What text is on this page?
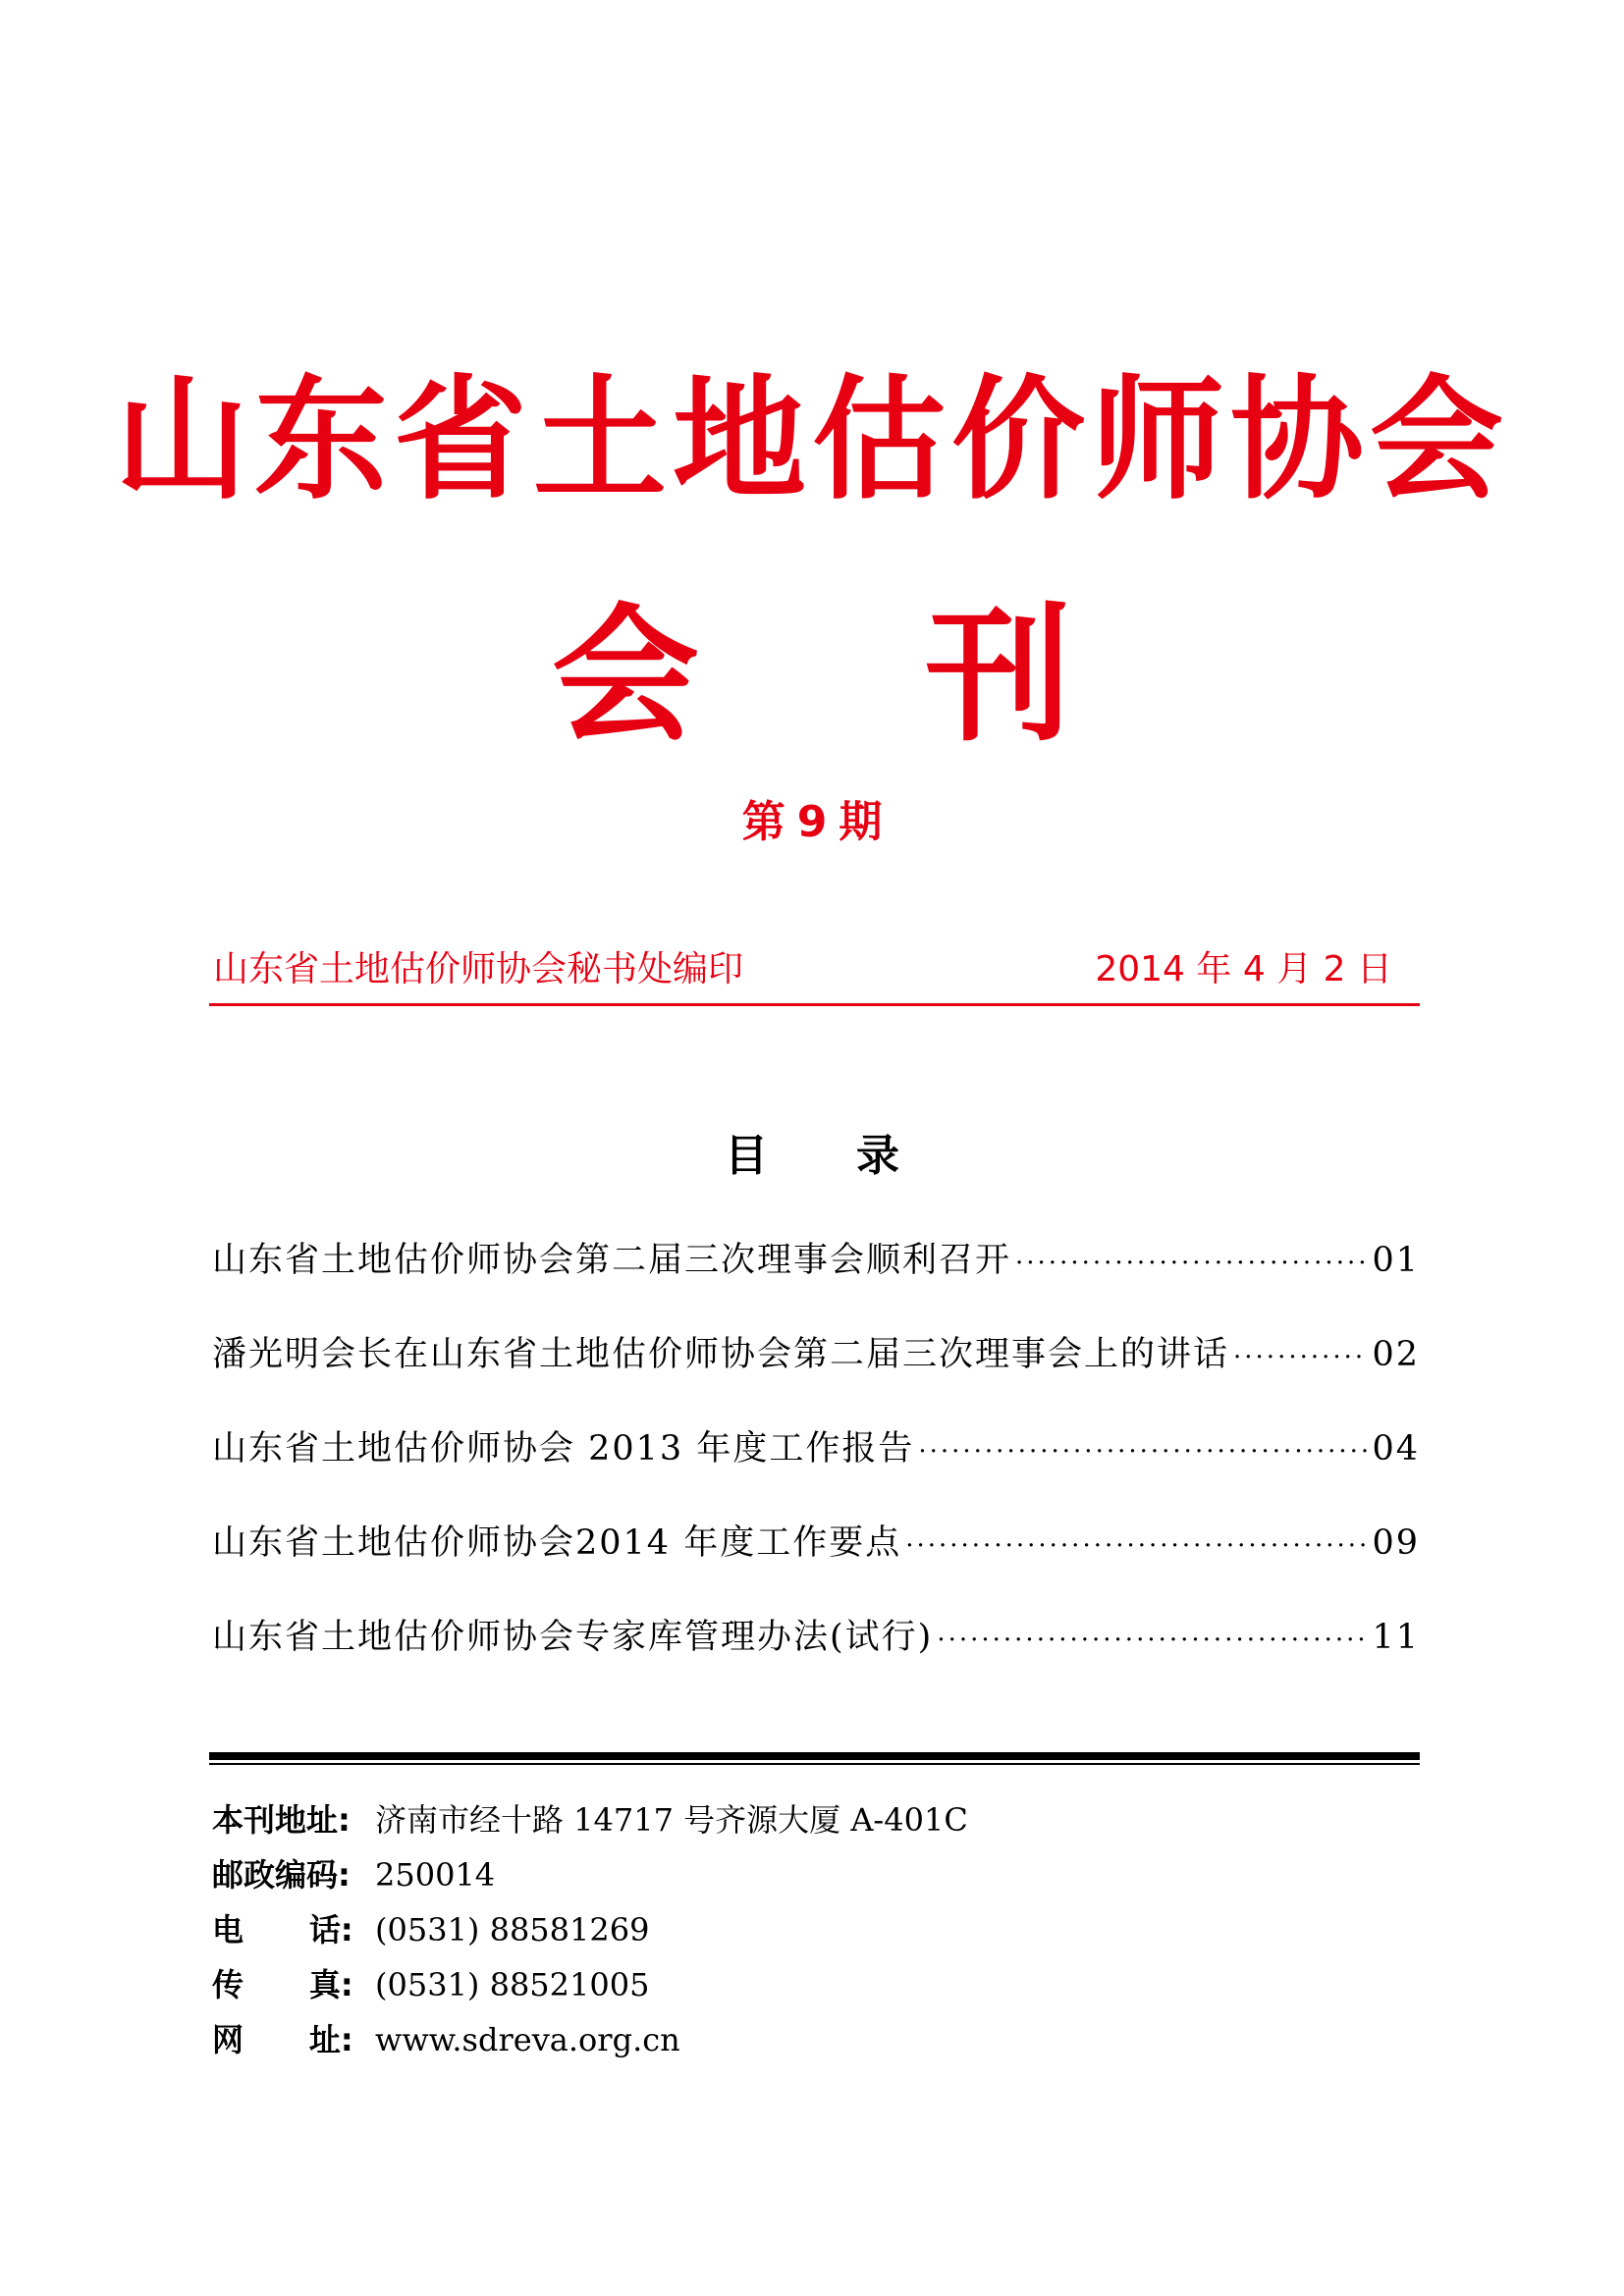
山东省土地估价师协会
会 刊
第 9 期
山东省土地估价师协会秘书处编印	2014 年 4 月 2 日
目 录
山东省土地估价师协会第二届三次理事会顺利召开 ·····	01
潘光明会长在山东省土地估价师协会第二届三次理事会上的讲话 ·····	02
山东省土地估价师协会 2013 年度工作报告 ·····	04
山东省土地估价师协会2014 年度工作要点 ·····	09
山东省土地估价师协会专家库管理办法(试行) ·····	11
本刊地址: 济南市经十路 14717 号齐源大厦 A-401C
邮政编码: 250014
电      话: (0531) 88581269
传      真: (0531) 88521005
网      址: www.sdreva.org.cn
